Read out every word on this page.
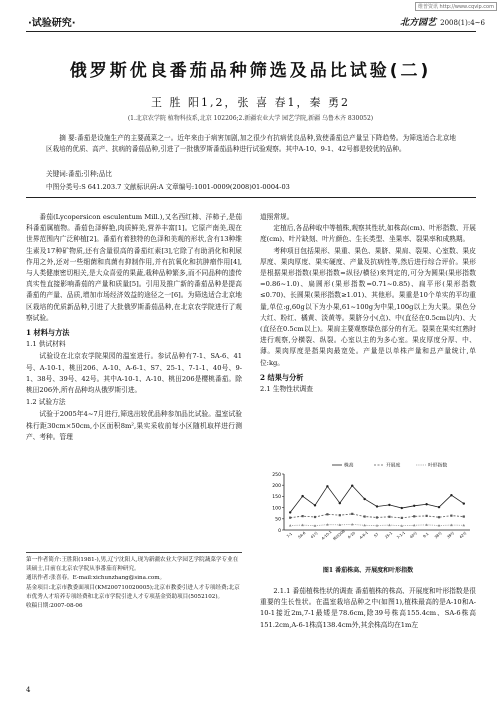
维普资讯 http://www.cqvip.com
·试验研究·	北方园艺 2008(1):4~6
俄罗斯优良番茄品种筛选及品比试验(二)
王 胜 阳1,2，张 喜 春1，秦 勇2
(1.北京农学院 植物科技系,北京 102206;2.新疆农业大学 园艺学院,新疆 乌鲁木齐 830052)
摘 要:番茄是设施生产的主要蔬菜之一。近年来由于病害加剧,加之很少有抗病优良品种,致使番茄总产量呈下降趋势。为筛选适合北京地区栽培的优质、高产、抗病的番茄品种,引进了一批俄罗斯番茄品种进行试验观察。其中A-10、9-1、42号都是较优的品种。
关键词:番茄;引种;品比
中图分类号:S 641.203.7 文献标识码:A 文章编号:1001-0009(2008)01-0004-03

番茄(Lycopersicon esculentum Mill.),又名西红柿、洋柿子,是茄科番茄属植物。番茄色泽鲜艳,肉质鲜美,营养丰富[1]。它原产南美,现在世界范围内广泛种植[2]。番茄有着独特的色泽和美观的形状,含有13种维生素及17种矿物质,还有含量很高的番茄红素[3],它除了有助消化和利尿作用之外,还对一些细菌和真菌有抑制作用,并有抗氧化和抗肿瘤作用[4],与人类健康密切相关,是大众喜爱的果蔬,栽种品种繁多,而不同品种的遗传真实性直接影响番茄的产量和质量[5]。引用及推广新的番茄品种是提高番茄的产量、品质,增加市场经济效益的途径之一[6]。为筛选适合北京地区栽培的优质新品种,引进了大批俄罗斯番茄品种,在北京农学院进行了观察试验。

1 材料与方法
1.1 供试材料

试验设在北京农学院果园的温室进行。参试品种有7-1、SA-6、41号、A-10-1、桃田206、A-10、A-6-1、S7、25-1、7-1-1、40号、9-1、38号、39号、42号。其中A-10-1、A-10、桃田206是樱桃番茄。除桃田206外,所有品种均从俄罗斯引进。

1.2 试验方法

试验于2005年4~7月进行,筛选出较优品种参加品比试验。温室试验株行距30cm×50cm,小区面积8m²,果实采收前每小区随机取样进行测产、考种。管理

第一作者简介:王胜阳(1981-),男,辽宁沈阳人,现为新疆农业大学园艺学院蔬菜学专业在读硕士,目前在北京农学院从事番茄育种研究。
通讯作者:张喜春。E-mail:xichunzhang@sina.com。
基金项目:北京市教委面项目(KM200710020005);北京市教委引进人才专项经费;北京市优秀人才培养专项经费和北京市学院引进人才专项基金资助项目(5052102)。
收稿日期:2007-08-06

道照常规。

定植后,各品种取中等植株,观察其性状,如株高(cm)、叶形指数、开展度(cm)、叶片缺刻、叶片颜色、生长类型、坐果率、裂果率和成熟期。

考种项目包括果形、果重、果色、果脐、果肩、裂果、心室数、果皮厚度、果肉厚度、果实硬度、产量及抗病性等,然后进行综合评价。果形是根据果形指数(果形指数=纵径/横径)来判定的,可分为圆果(果形指数=0.86~1.0)、扁圆形(果形指数=0.71~0.85)、扁平形(果形指数≤0.70)、长圆果(果形指数≥1.01)、其他形。果重是10个单实的平均重量,单位:g,60g以下为小果,61~100g为中果,100g以上为大果。果色分大红、粉红、橘黄、淡黄等。果脐分小(点)、中(直径在0.5cm以内)、大(直径在0.5cm以上)。果肩主要观察绿色部分的有无。裂果在果实红熟时进行观察,分横裂、纵裂。心室以主的为多心室。果皮厚度分厚、中、薄。果肉厚度是指果肉最宽处。产量是以单株产量和总产量统计,单位:kg。

2 结果与分析
2.1 生物性状调查
250
200
150
100
50
0
7-1 SA-6 41号 A-10-1 桃田206 A-10 A-6-1 S7 25-1 7-1-1 40号 9-1 38号 39号 42号
株高	开展度	叶形指数
图1 番茄株高、开展度和叶形指数

2.1.1 番茄植株性状的调查 番茄植株的株高、开展度和叶形指数是很重要的生长性状。在温室栽培品种之中(如图1),植株最高的是A-10和A-10-1接近2m,7-1最矮是78.6cm,除39号株高155.4cm、SA-6株高151.2cm,A-6-1株高138.4cm外,其余株高均在1m左

4
